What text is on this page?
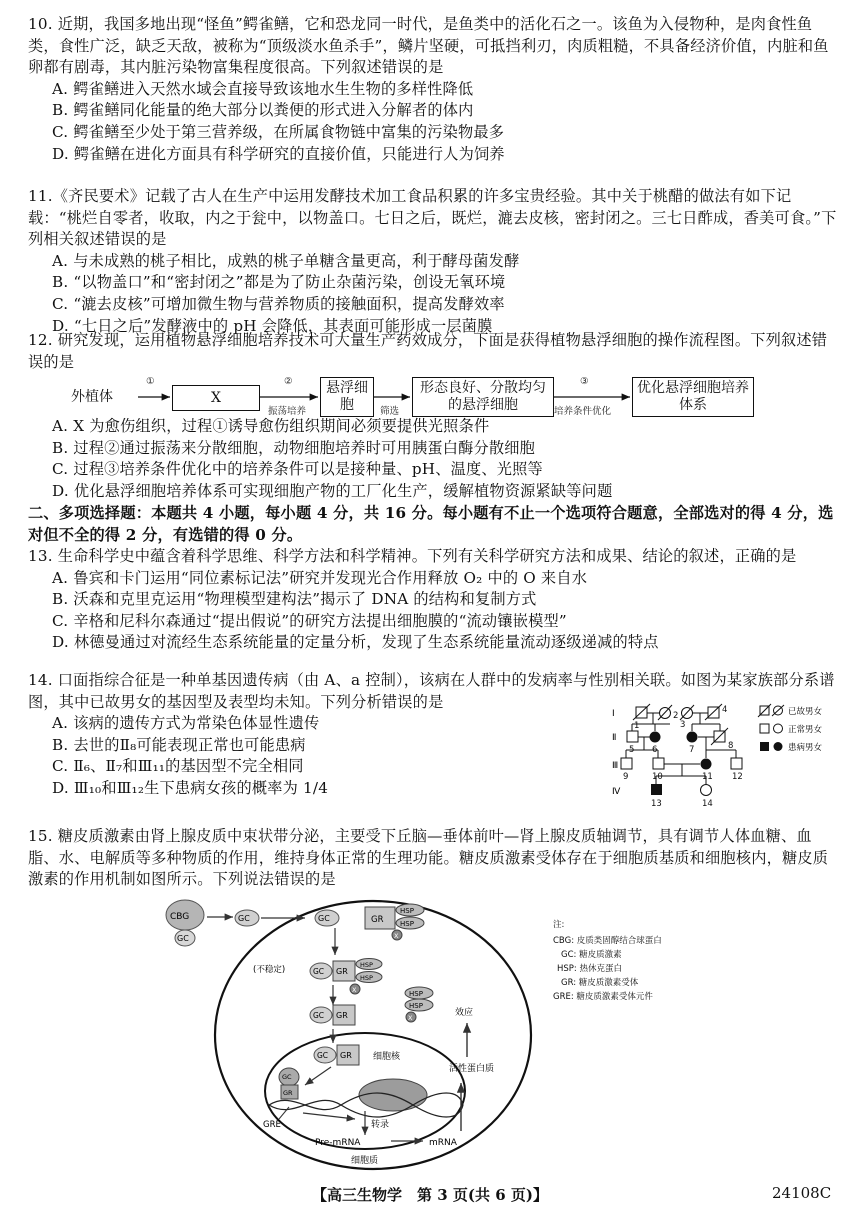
10. 近期，我国多地出现“怪鱼”鳄雀鳝，它和恐龙同一时代，是鱼类中的活化石之一。该鱼为入侵物种，是肉食性鱼类，食性广泛，缺乏天敌，被称为“顶级淡水鱼杀手”，鳞片坚硬，可抵挡利刃，肉质粗糙，不具备经济价值，内脏和鱼卵都有剧毒，其内脏污染物富集程度很高。下列叙述错误的是
A. 鳄雀鳝进入天然水域会直接导致该地水生生物的多样性降低
B. 鳄雀鳝同化能量的绝大部分以粪便的形式进入分解者的体内
C. 鳄雀鳝至少处于第三营养级，在所属食物链中富集的污染物最多
D. 鳄雀鳝在进化方面具有科学研究的直接价值，只能进行人为饲养
11.《齐民要术》记载了古人在生产中运用发酵技术加工食品积累的许多宝贵经验。其中关于桃醋的做法有如下记载：“桃烂自零者，收取，内之于瓮中，以物盖口。七日之后，既烂，漉去皮核，密封闭之。三七日酢成，香美可食。”下列相关叙述错误的是
A. 与未成熟的桃子相比，成熟的桃子单糖含量更高，利于酵母菌发酵
B. “以物盖口”和“密封闭之”都是为了防止杂菌污染，创设无氧环境
C. “漉去皮核”可增加微生物与营养物质的接触面积，提高发酵效率
D. “七日之后”发酵液中的 pH 会降低，其表面可能形成一层菌膜
12. 研究发现，运用植物悬浮细胞培养技术可大量生产药效成分，下面是获得植物悬浮细胞的操作流程图。下列叙述错误的是
外植体
①
X
②
振荡培养
悬浮细胞	筛选
形态良好、分散均匀的悬浮细胞
③
培养条件优化
优化悬浮细胞培养体系
A. X 为愈伤组织，过程①诱导愈伤组织期间必须要提供光照条件
B. 过程②通过振荡来分散细胞，动物细胞培养时可用胰蛋白酶分散细胞
C. 过程③培养条件优化中的培养条件可以是接种量、pH、温度、光照等
D. 优化悬浮细胞培养体系可实现细胞产物的工厂化生产，缓解植物资源紧缺等问题
二、多项选择题：本题共 4 小题，每小题 4 分，共 16 分。每小题有不止一个选项符合题意，全部选对的得 4 分，选对但不全的得 2 分，有选错的得 0 分。
13. 生命科学史中蕴含着科学思维、科学方法和科学精神。下列有关科学研究方法和成果、结论的叙述，正确的是
A. 鲁宾和卡门运用“同位素标记法”研究并发现光合作用释放 O₂ 中的 O 来自水
B. 沃森和克里克运用“物理模型建构法”揭示了 DNA 的结构和复制方式
C. 辛格和尼科尔森通过“提出假说”的研究方法提出细胞膜的“流动镶嵌模型”
D. 林德曼通过对流经生态系统能量的定量分析，发现了生态系统能量流动逐级递减的特点
14. 口面指综合征是一种单基因遗传病（由 A、a 控制），该病在人群中的发病率与性别相关联。如图为某家族部分系谱图，其中已故男女的基因型及表型均未知。下列分析错误的是
A. 该病的遗传方式为常染色体显性遗传
B. 去世的Ⅱ₈可能表现正常也可能患病
C. Ⅱ₆、Ⅱ₇和Ⅲ₁₁的基因型不完全相同
D. Ⅲ₁₀和Ⅲ₁₂生下患病女孩的概率为 1/4
Ⅰ
Ⅱ
Ⅲ
Ⅳ
1
2
3
4
5 6	7	8
9	10	11 12
13	14
已故男女
正常男女
患病男女
15. 糖皮质激素由肾上腺皮质中束状带分泌，主要受下丘脑—垂体前叶—肾上腺皮质轴调节，具有调节人体血糖、血脂、水、电解质等多种物质的作用，维持身体正常的生理功能。糖皮质激素受体存在于细胞质基质和细胞核内，糖皮质激素的作用机制如图所示。下列说法错误的是
CBG
GC
GC	GC	GR
HSP
HSP
X
(不稳定)	GC GR
HSP
HSP
X	HSP
HSP
X
GC GR
GC GR 细胞核
GC
GR
GRE	转录
Pre-mRNA	mRNA
细胞质
活性蛋白质
效应
注:
CBG: 皮质类固醇结合球蛋白
GC: 糖皮质激素
HSP: 热休克蛋白
GR: 糖皮质激素受体
GRE: 糖皮质激素受体元件
【高三生物学　第 3 页(共 6 页)】	24108C
